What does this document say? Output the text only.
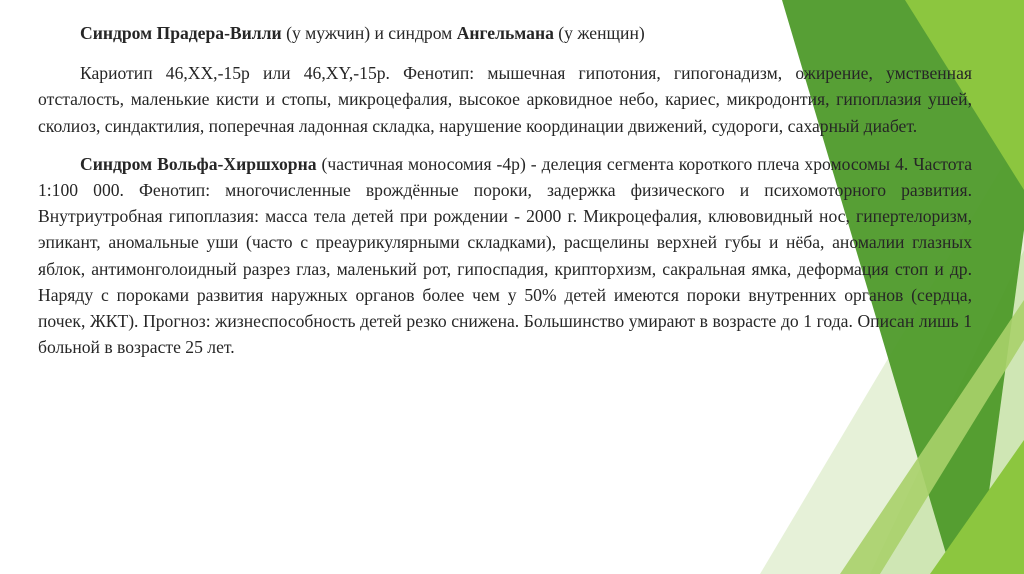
Синдром Прадера-Вилли (у мужчин) и синдром Ангельмана (у женщин)

Кариотип 46,XX,-15р или 46,XY,-15р. Фенотип: мышечная гипотония, гипогонадизм, ожирение, умственная отсталость, маленькие кисти и стопы, микроцефалия, высокое арковидное небо, кариес, микродонтия, гипоплазия ушей, сколиоз, синдактилия, поперечная ладонная складка, нарушение координации движений, судороги, сахарный диабет.

Синдром Вольфа-Хиршхорна (частичная моносомия -4р) - делеция сегмента короткого плеча хромосомы 4. Частота 1:100 000. Фенотип: многочисленные врождённые пороки, задержка физического и психомоторного развития. Внутриутробная гипоплазия: масса тела детей при рождении - 2000 г. Микроцефалия, клювовидный нос, гипертелоризм, эпикант, аномальные уши (часто с преаурикулярными складками), расщелины верхней губы и нёба, аномалии глазных яблок, антимонголоидный разрез глаз, маленький рот, гипоспадия, крипторхизм, сакральная ямка, деформация стоп и др. Наряду с пороками развития наружных органов более чем у 50% детей имеются пороки внутренних органов (сердца, почек, ЖКТ). Прогноз: жизнеспособность детей резко снижена. Большинство умирают в возрасте до 1 года. Описан лишь 1 больной в возрасте 25 лет.
